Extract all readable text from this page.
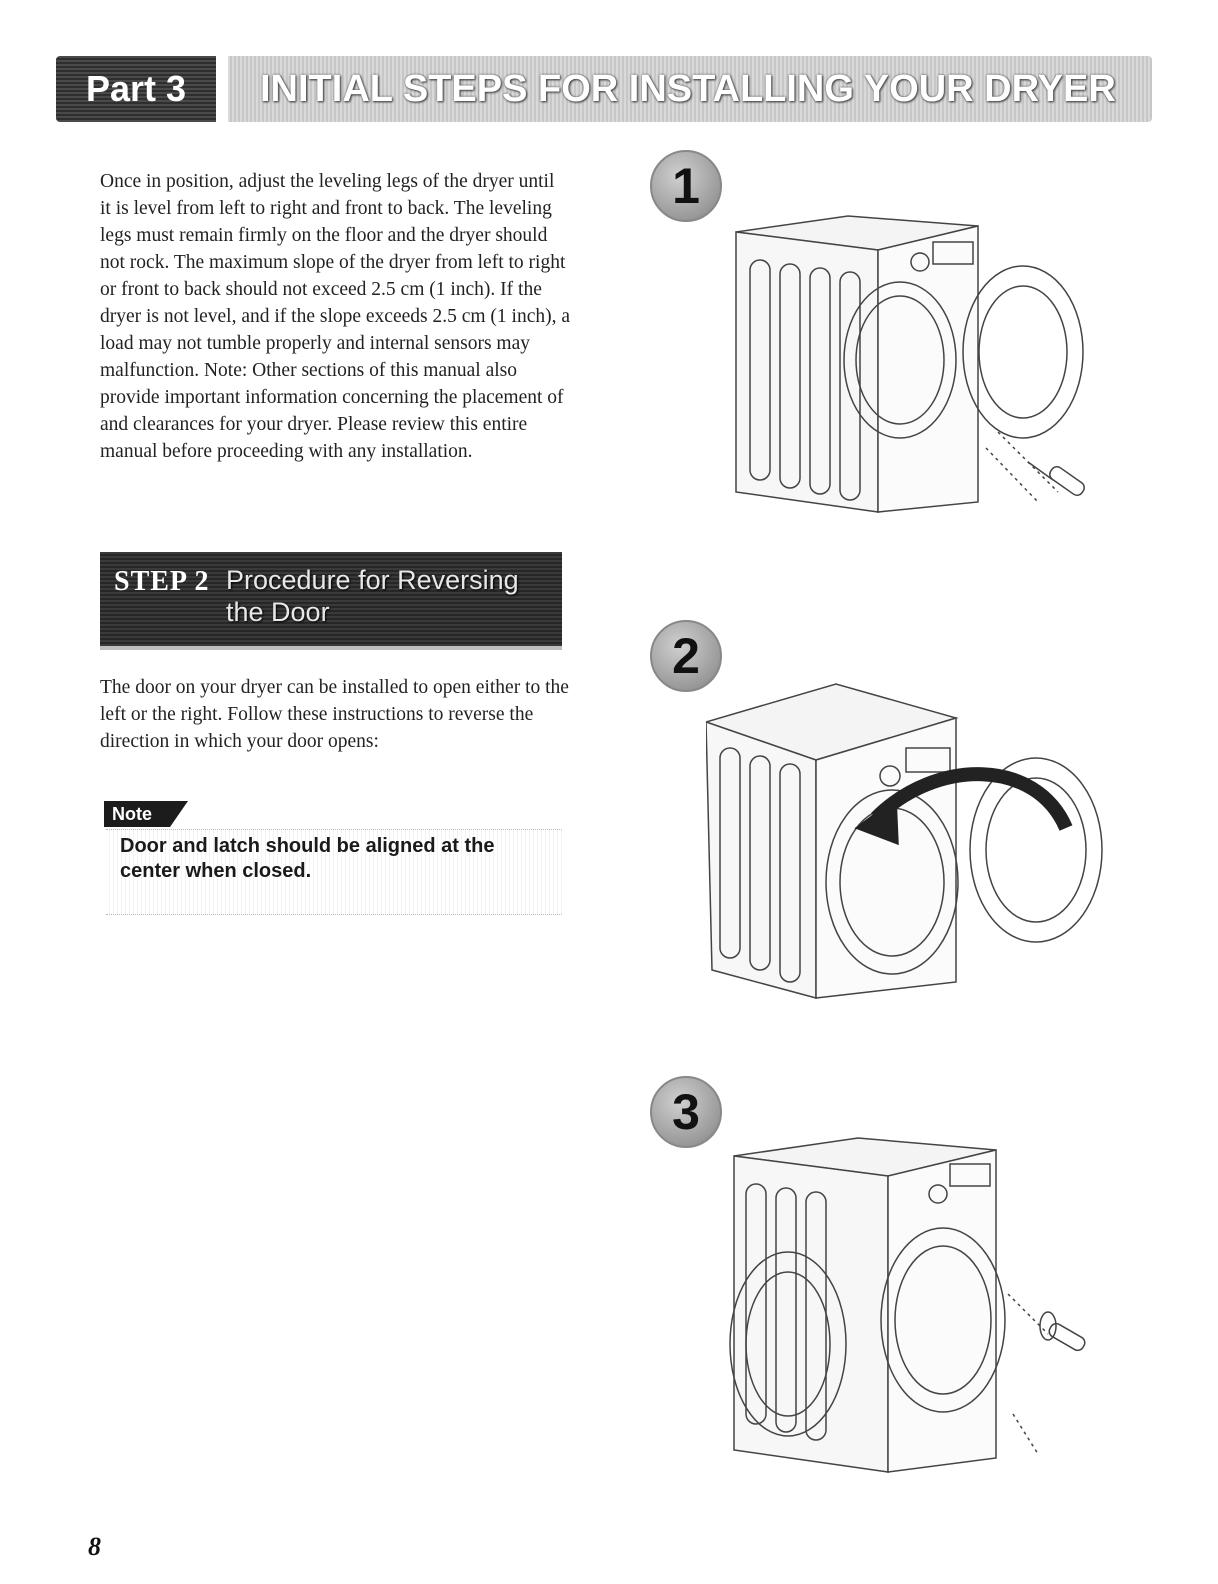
Part 3	INITIAL STEPS FOR INSTALLING YOUR DRYER

Once in position, adjust the leveling legs of the dryer until it is level from left to right and front to back. The leveling legs must remain firmly on the floor and the dryer should not rock. The maximum slope of the dryer from left to right or front to back should not exceed 2.5 cm (1 inch). If the dryer is not level, and if the slope exceeds 2.5 cm (1 inch), a load may not tumble properly and internal sensors may malfunction. Note: Other sections of this manual also provide important information concerning the placement of and clearances for your dryer. Please review this entire manual before proceeding with any installation.

STEP 2 Procedure for Reversing the Door

The door on your dryer can be installed to open either to the left or the right. Follow these instructions to reverse the direction in which your door opens:

Note

Door and latch should be aligned at the center when closed.

1
2
3
8
